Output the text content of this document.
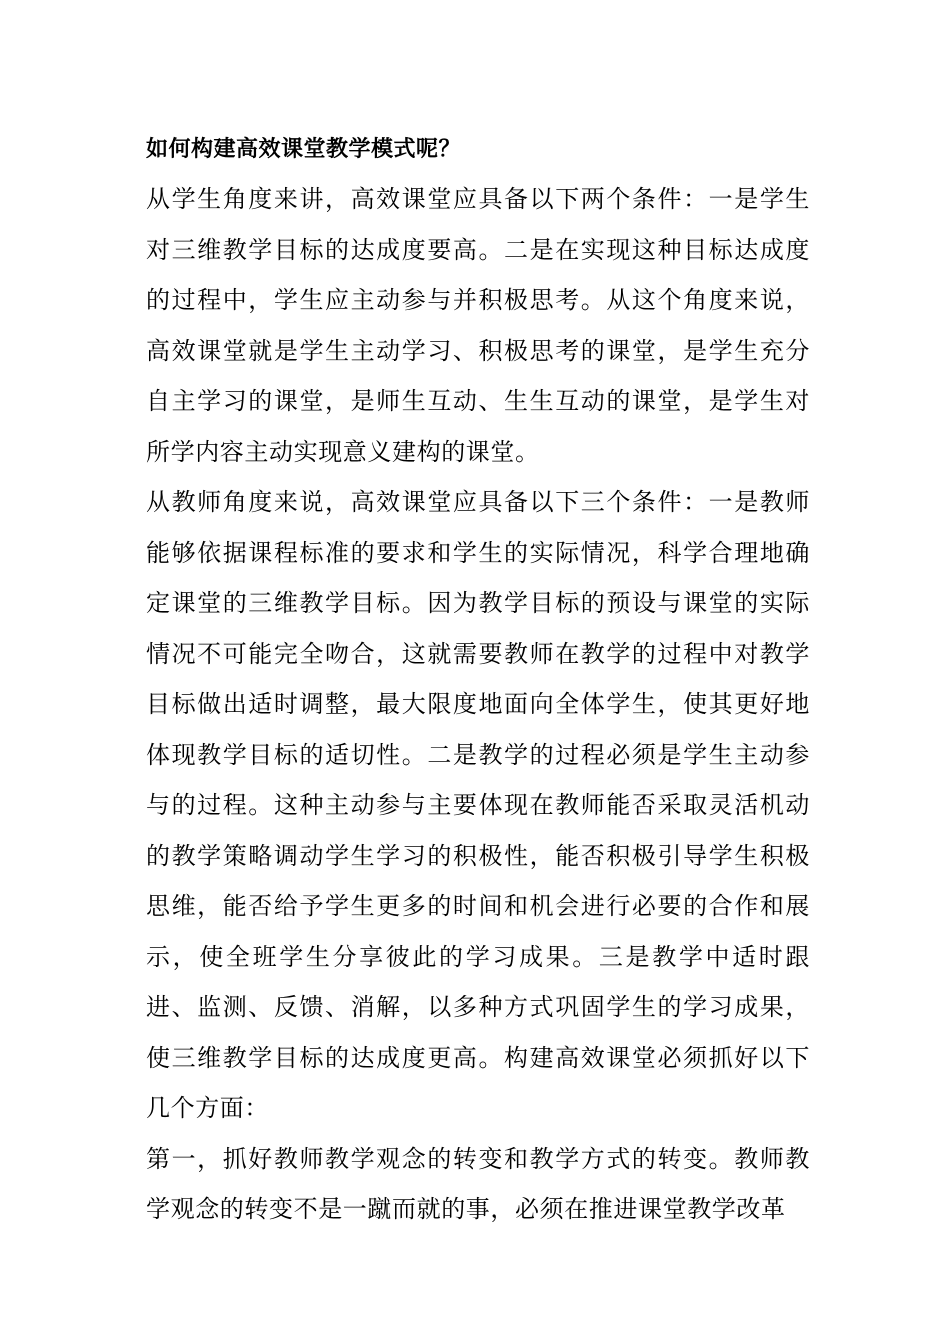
如何构建高效课堂教学模式呢？

从学生角度来讲，高效课堂应具备以下两个条件：一是学生对三维教学目标的达成度要高。二是在实现这种目标达成度的过程中，学生应主动参与并积极思考。从这个角度来说，高效课堂就是学生主动学习、积极思考的课堂，是学生充分自主学习的课堂，是师生互动、生生互动的课堂，是学生对所学内容主动实现意义建构的课堂。

从教师角度来说，高效课堂应具备以下三个条件：一是教师能够依据课程标准的要求和学生的实际情况，科学合理地确定课堂的三维教学目标。因为教学目标的预设与课堂的实际情况不可能完全吻合，这就需要教师在教学的过程中对教学目标做出适时调整，最大限度地面向全体学生，使其更好地体现教学目标的适切性。二是教学的过程必须是学生主动参与的过程。这种主动参与主要体现在教师能否采取灵活机动的教学策略调动学生学习的积极性，能否积极引导学生积极思维，能否给予学生更多的时间和机会进行必要的合作和展示，使全班学生分享彼此的学习成果。三是教学中适时跟进、监测、反馈、消解，以多种方式巩固学生的学习成果，使三维教学目标的达成度更高。构建高效课堂必须抓好以下几个方面：

第一，抓好教师教学观念的转变和教学方式的转变。教师教学观念的转变不是一蹴而就的事，必须在推进课堂教学改革
